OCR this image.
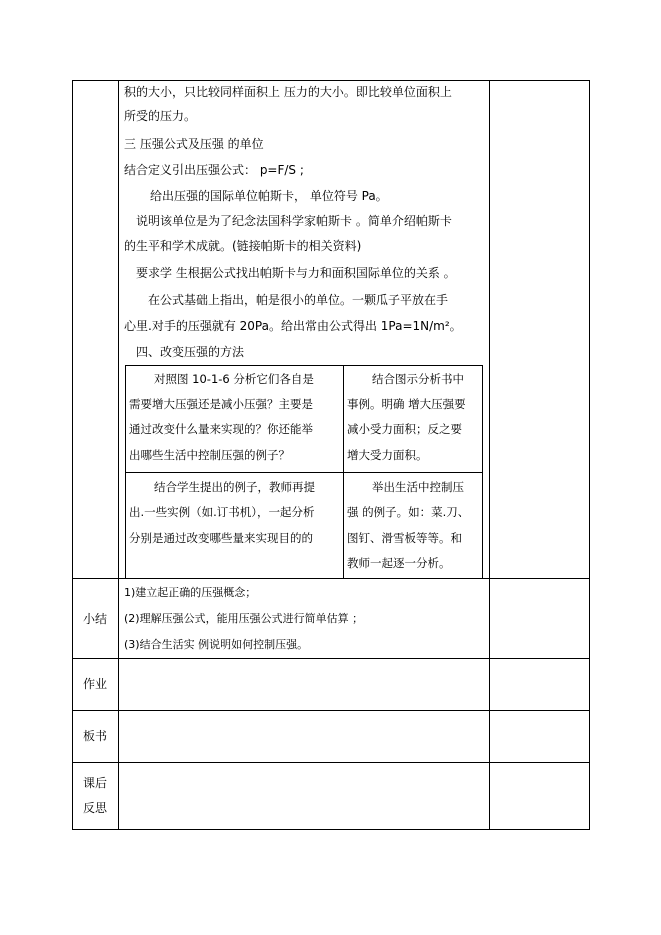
积的大小，只比较同样面积上 压力的大小。即比较单位面积上
所受的压力。
三 压强公式及压强 的单位
结合定义引出压强公式： p=F/S ;
给出压强的国际单位帕斯卡， 单位符号 Pa。
说明该单位是为了纪念法国科学家帕斯卡 。简单介绍帕斯卡
的生平和学术成就。(链接帕斯卡的相关资料)
要求学 生根据公式找出帕斯卡与力和面积国际单位的关系 。
在公式基础上指出，帕是很小的单位。一颗瓜子平放在手
心里.对手的压强就有 20Pa。给出常由公式得出 1Pa=1N/m²。
四、改变压强的方法
对照图 10-1-6 分析它们各自是
需要增大压强还是减小压强？主要是
通过改变什么量来实现的？你还能举
出哪些生活中控制压强的例子？
结合图示分析书中
事例。明确 增大压强要
减小受力面积；反之要
增大受力面积。
结合学生提出的例子，教师再提
出.一些实例（如.订书机），一起分析
分别是通过改变哪些量来实现目的的
举出生活中控制压
强 的例子。如：菜.刀、
图钉、滑雪板等等。和
教师一起逐一分析。
小结
1)建立起正确的压强概念；
(2)理解压强公式，能用压强公式进行简单估算 ；
(3)结合生活实 例说明如何控制压强。
作业
板书
课后
反思
